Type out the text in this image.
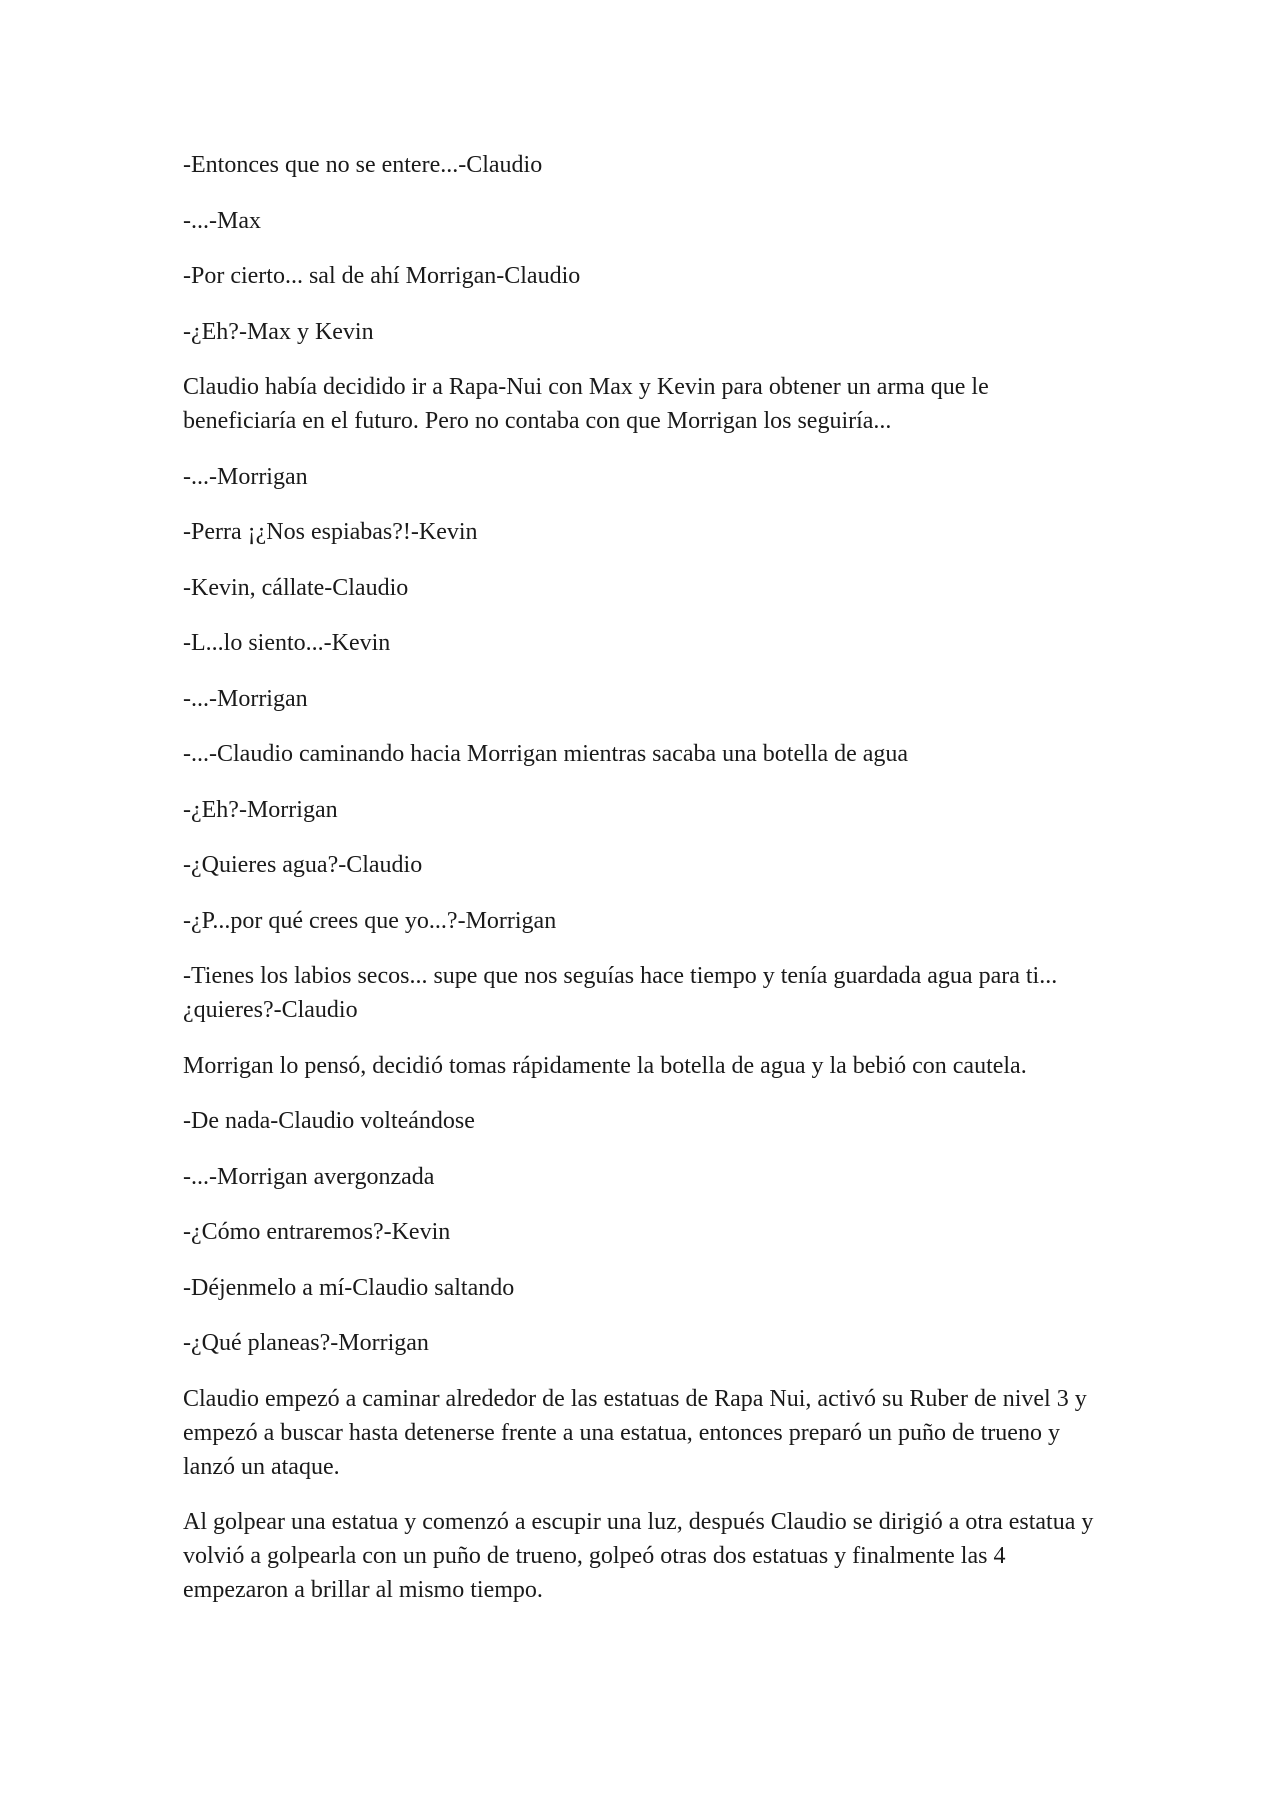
-Entonces que no se entere...-Claudio

-...-Max

-Por cierto... sal de ahí Morrigan-Claudio

-¿Eh?-Max y Kevin

Claudio había decidido ir a Rapa-Nui con Max y Kevin para obtener un arma que le beneficiaría en el futuro. Pero no contaba con que Morrigan los seguiría...

-...-Morrigan

-Perra ¡¿Nos espiabas?!-Kevin

-Kevin, cállate-Claudio

-L...lo siento...-Kevin

-...-Morrigan

-...-Claudio caminando hacia Morrigan mientras sacaba una botella de agua

-¿Eh?-Morrigan

-¿Quieres agua?-Claudio

-¿P...por qué crees que yo...?-Morrigan

-Tienes los labios secos... supe que nos seguías hace tiempo y tenía guardada agua para ti... ¿quieres?-Claudio

Morrigan lo pensó, decidió tomas rápidamente la botella de agua y la bebió con cautela.

-De nada-Claudio volteándose

-...-Morrigan avergonzada

-¿Cómo entraremos?-Kevin

-Déjenmelo a mí-Claudio saltando

-¿Qué planeas?-Morrigan

Claudio empezó a caminar alrededor de las estatuas de Rapa Nui, activó su Ruber de nivel 3 y empezó a buscar hasta detenerse frente a una estatua, entonces preparó un puño de trueno y lanzó un ataque.

Al golpear una estatua y comenzó a escupir una luz, después Claudio se dirigió a otra estatua y volvió a golpearla con un puño de trueno, golpeó otras dos estatuas y finalmente las 4 empezaron a brillar al mismo tiempo.
